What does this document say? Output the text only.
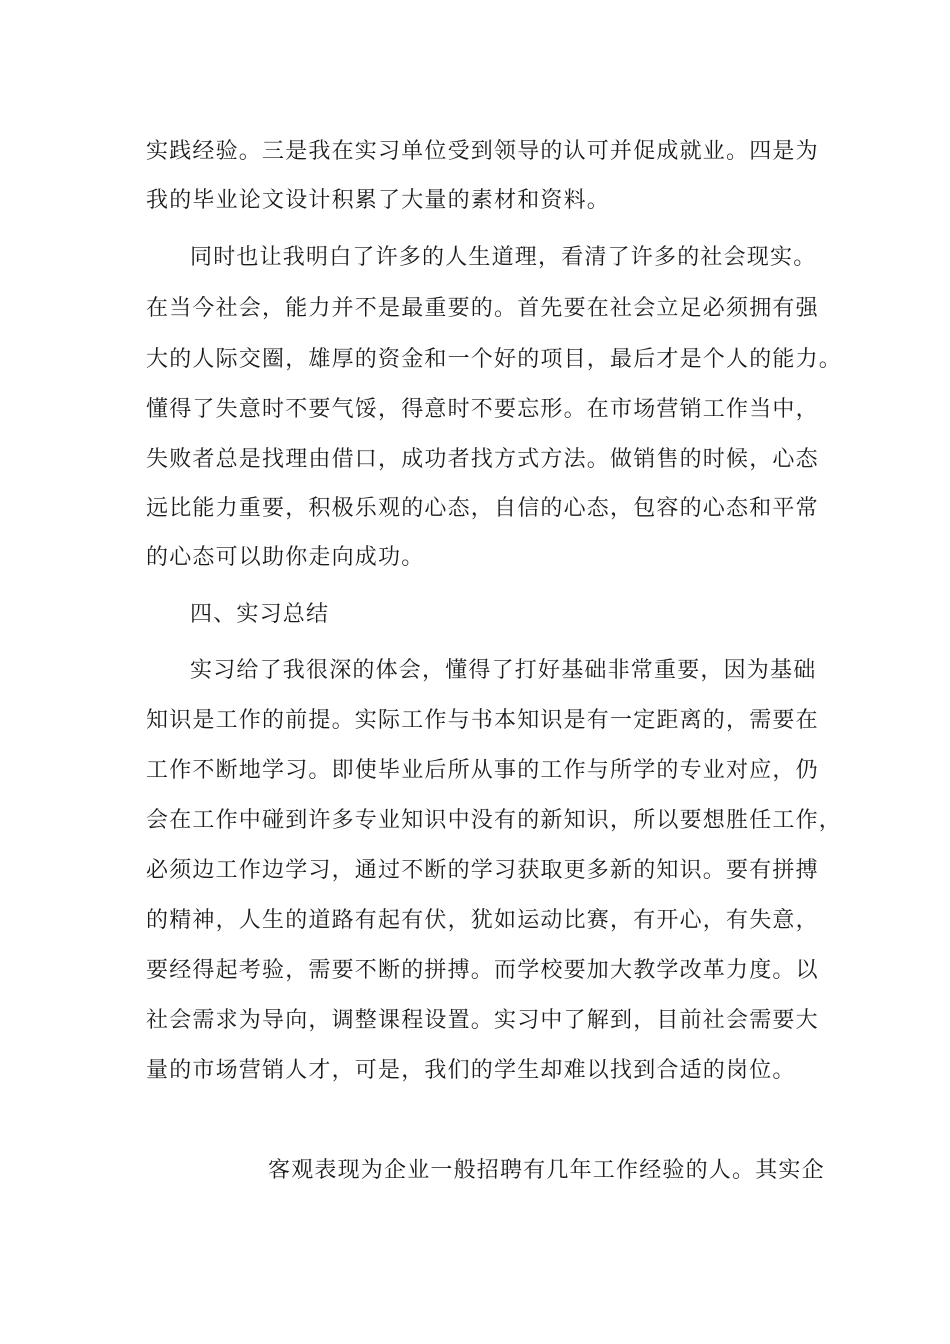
实践经验。三是我在实习单位受到领导的认可并促成就业。四是为

我的毕业论文设计积累了大量的素材和资料。

同时也让我明白了许多的人生道理，看清了许多的社会现实。

在当今社会，能力并不是最重要的。首先要在社会立足必须拥有强

大的人际交圈，雄厚的资金和一个好的项目，最后才是个人的能力。

懂得了失意时不要气馁，得意时不要忘形。在市场营销工作当中，

失败者总是找理由借口，成功者找方式方法。做销售的时候，心态

远比能力重要，积极乐观的心态，自信的心态，包容的心态和平常

的心态可以助你走向成功。

四、实习总结

实习给了我很深的体会，懂得了打好基础非常重要，因为基础

知识是工作的前提。实际工作与书本知识是有一定距离的，需要在

工作不断地学习。即使毕业后所从事的工作与所学的专业对应，仍

会在工作中碰到许多专业知识中没有的新知识，所以要想胜任工作，

必须边工作边学习，通过不断的学习获取更多新的知识。要有拼搏

的精神，人生的道路有起有伏，犹如运动比赛，有开心，有失意，

要经得起考验，需要不断的拼搏。而学校要加大教学改革力度。以

社会需求为导向，调整课程设置。实习中了解到，目前社会需要大

量的市场营销人才，可是，我们的学生却难以找到合适的岗位。

客观表现为企业一般招聘有几年工作经验的人。其实企
